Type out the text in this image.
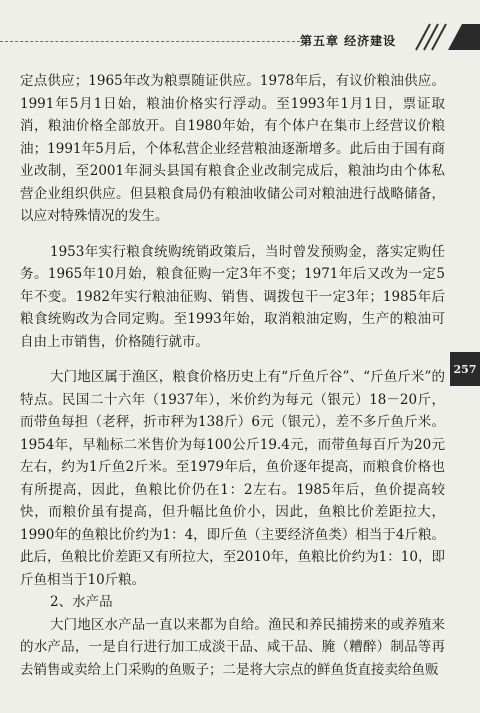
第五章 经济建设
257

定点供应；1965年改为粮票随证供应。1978年后，有议价粮油供应。1991年5月1日始，粮油价格实行浮动。至1993年1月1日，票证取消，粮油价格全部放开。自1980年始，有个体户在集市上经营议价粮油；1991年5月后，个体私营企业经营粮油逐渐增多。此后由于国有商业改制，至2001年洞头县国有粮食企业改制完成后，粮油均由个体私营企业组织供应。但县粮食局仍有粮油收储公司对粮油进行战略储备，以应对特殊情况的发生。

1953年实行粮食统购统销政策后，当时曾发预购金，落实定购任务。1965年10月始，粮食征购一定3年不变；1971年后又改为一定5年不变。1982年实行粮油征购、销售、调拨包干一定3年；1985年后粮食统购改为合同定购。至1993年始，取消粮油定购，生产的粮油可自由上市销售，价格随行就市。

大门地区属于渔区，粮食价格历史上有“斤鱼斤谷”、“斤鱼斤米”的特点。民国二十六年（1937年），米价约为每元（银元）18－20斤，而带鱼每担（老秤，折市秤为138斤）6元（银元），差不多斤鱼斤米。1954年，早籼标二米售价为每100公斤19.4元，而带鱼每百斤为20元左右，约为1斤鱼2斤米。至1979年后，鱼价逐年提高，而粮食价格也有所提高，因此，鱼粮比价仍在1：2左右。1985年后，鱼价提高较快，而粮价虽有提高，但升幅比鱼价小，因此，鱼粮比价差距拉大，1990年的鱼粮比价约为1：4，即斤鱼（主要经济鱼类）相当于4斤粮。此后，鱼粮比价差距又有所拉大，至2010年，鱼粮比价约为1：10，即斤鱼相当于10斤粮。

2、水产品

大门地区水产品一直以来都为自给。渔民和养民捕捞来的或养殖来的水产品，一是自行进行加工成淡干品、咸干品、腌（糟醉）制品等再去销售或卖给上门采购的鱼贩子；二是将大宗点的鲜鱼货直接卖给鱼贩
